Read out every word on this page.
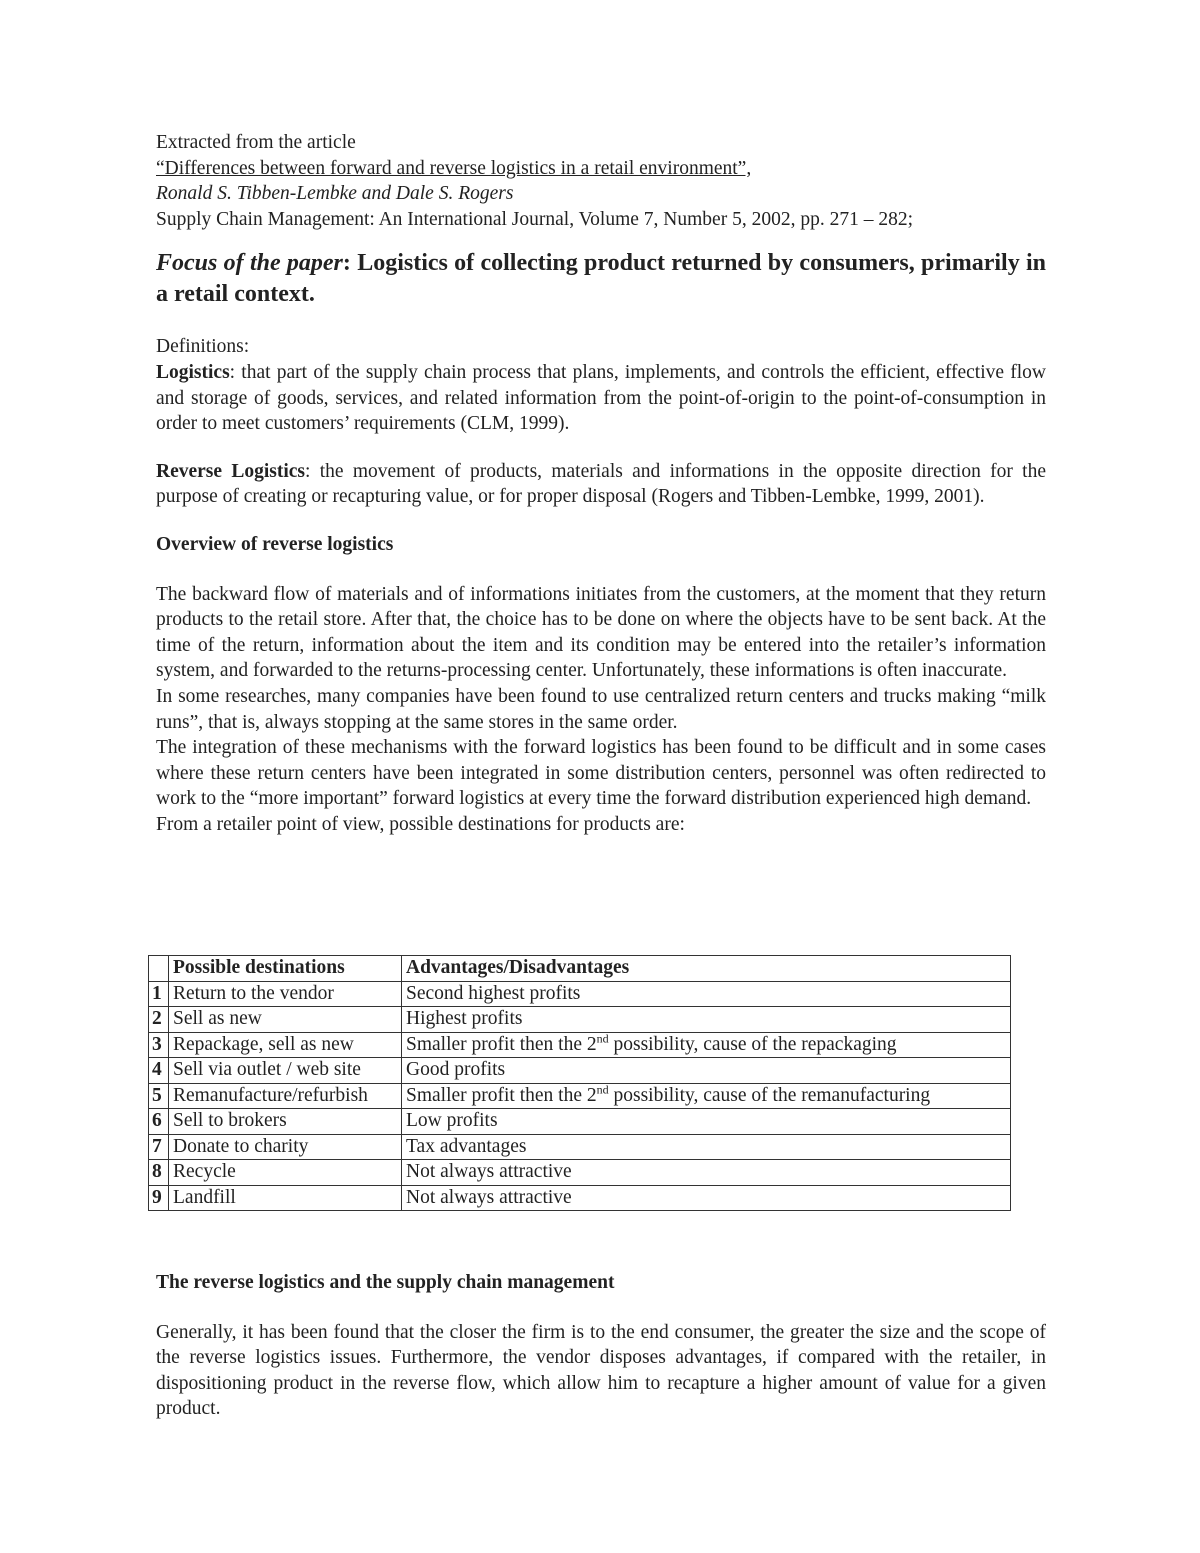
Extracted from the article

“Differences between forward and reverse logistics in a retail environment”,

Ronald S. Tibben-Lembke and Dale S. Rogers

Supply Chain Management: An International Journal, Volume 7, Number 5, 2002, pp. 271 – 282;

Focus of the paper: Logistics of collecting product returned by consumers, primarily in a retail context.

Definitions:

Logistics: that part of the supply chain process that plans, implements, and controls the efficient, effective flow and storage of goods, services, and related information from the point-of-origin to the point-of-consumption in order to meet customers’ requirements (CLM, 1999).

Reverse Logistics: the movement of products, materials and informations in the opposite direction for the purpose of creating or recapturing value, or for proper disposal (Rogers and Tibben-Lembke, 1999, 2001).

Overview of reverse logistics

The backward flow of materials and of informations initiates from the customers, at the moment that they return products to the retail store. After that, the choice has to be done on where the objects have to be sent back. At the time of the return, information about the item and its condition may be entered into the retailer’s information system, and forwarded to the returns-processing center. Unfortunately, these informations is often inaccurate.

In some researches, many companies have been found to use centralized return centers and trucks making “milk runs”, that is, always stopping at the same stores in the same order.

The integration of these mechanisms with the forward logistics has been found to be difficult and in some cases where these return centers have been integrated in some distribution centers, personnel was often redirected to work to the “more important” forward logistics at every time the forward distribution experienced high demand.

From a retailer point of view, possible destinations for products are:

	Possible destinations	Advantages/Disadvantages
1	Return to the vendor	Second highest profits
2	Sell as new	Highest profits
3	Repackage, sell as new	Smaller profit then the 2nd possibility, cause of the repackaging
4	Sell via outlet / web site	Good profits
5	Remanufacture/refurbish	Smaller profit then the 2nd possibility, cause of the remanufacturing
6	Sell to brokers	Low profits
7	Donate to charity	Tax advantages
8	Recycle	Not always attractive
9	Landfill	Not always attractive

The reverse logistics and the supply chain management

Generally, it has been found that the closer the firm is to the end consumer, the greater the size and the scope of the reverse logistics issues. Furthermore, the vendor disposes advantages, if compared with the retailer, in dispositioning product in the reverse flow, which allow him to recapture a higher amount of value for a given product.
